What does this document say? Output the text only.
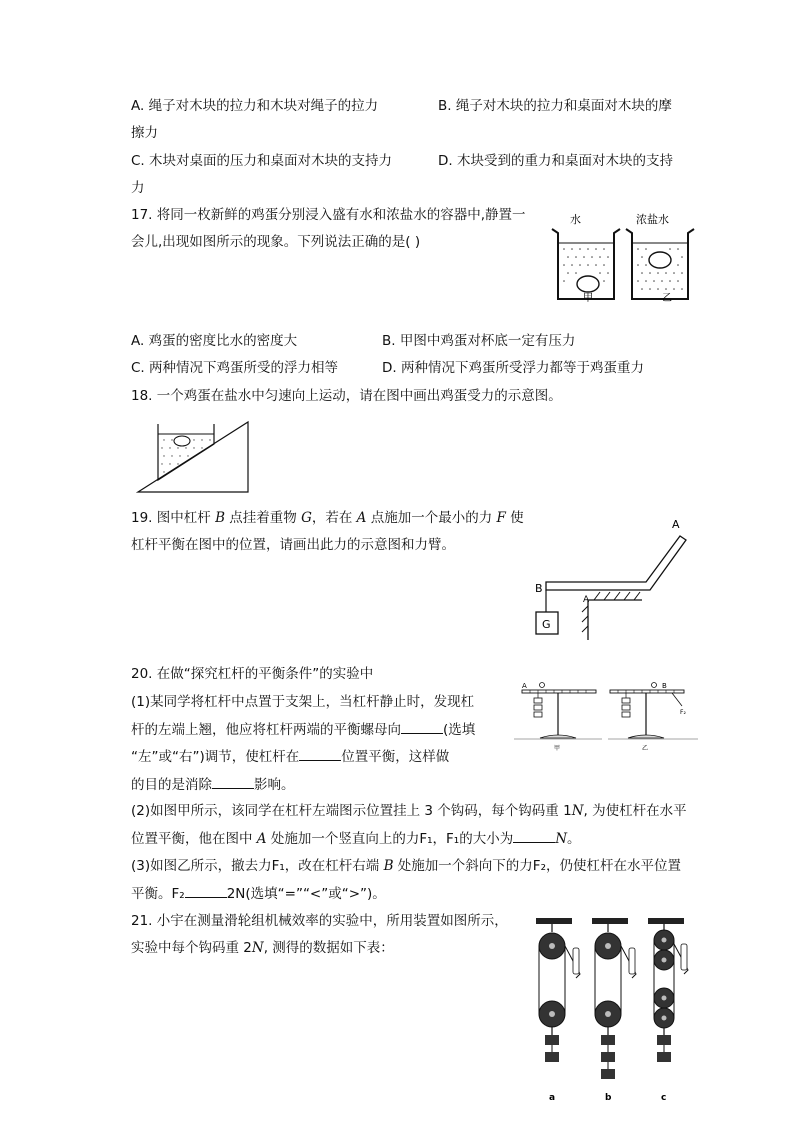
A. 绳子对木块的拉力和木块对绳子的拉力	B. 绳子对木块的拉力和桌面对木块的摩
擦力
C. 木块对桌面的压力和桌面对木块的支持力	D. 木块受到的重力和桌面对木块的支持
力
17. 将同一枚新鲜的鸡蛋分别浸入盛有水和浓盐水的容器中,静置一
会儿,出现如图所示的现象。下列说法正确的是( )
水	浓盐水
甲	乙
A. 鸡蛋的密度比水的密度大	B. 甲图中鸡蛋对杯底一定有压力
C. 两种情况下鸡蛋所受的浮力相等	D. 两种情况下鸡蛋所受浮力都等于鸡蛋重力
18. 一个鸡蛋在盐水中匀速向上运动，请在图中画出鸡蛋受力的示意图。
19. 图中杠杆 B 点挂着重物 G，若在 A 点施加一个最小的力 F 使
杠杆平衡在图中的位置，请画出此力的示意图和力臂。
A
B
G
A
20. 在做“探究杠杆的平衡条件”的实验中
(1)某同学将杠杆中点置于支架上，当杠杆静止时，发现杠
杆的左端上翘，他应将杠杆两端的平衡螺母向	(选填
“左”或“右”)调节，使杠杆在	位置平衡，这样做
的目的是消除	影响。
A
甲
B
F₂
乙
(2)如图甲所示，该同学在杠杆左端图示位置挂上 3 个钩码，每个钩码重 1N, 为使杠杆在水平
位置平衡，他在图中 A 处施加一个竖直向上的力F₁，F₁的大小为	N。
(3)如图乙所示，撤去力F₁，改在杠杆右端 B 处施加一个斜向下的力F₂，仍使杠杆在水平位置
平衡。F₂	2N(选填“=”“<”或“>”)。
21. 小宇在测量滑轮组机械效率的实验中，所用装置如图所示，
实验中每个钩码重 2N, 测得的数据如下表：
a	b	c
